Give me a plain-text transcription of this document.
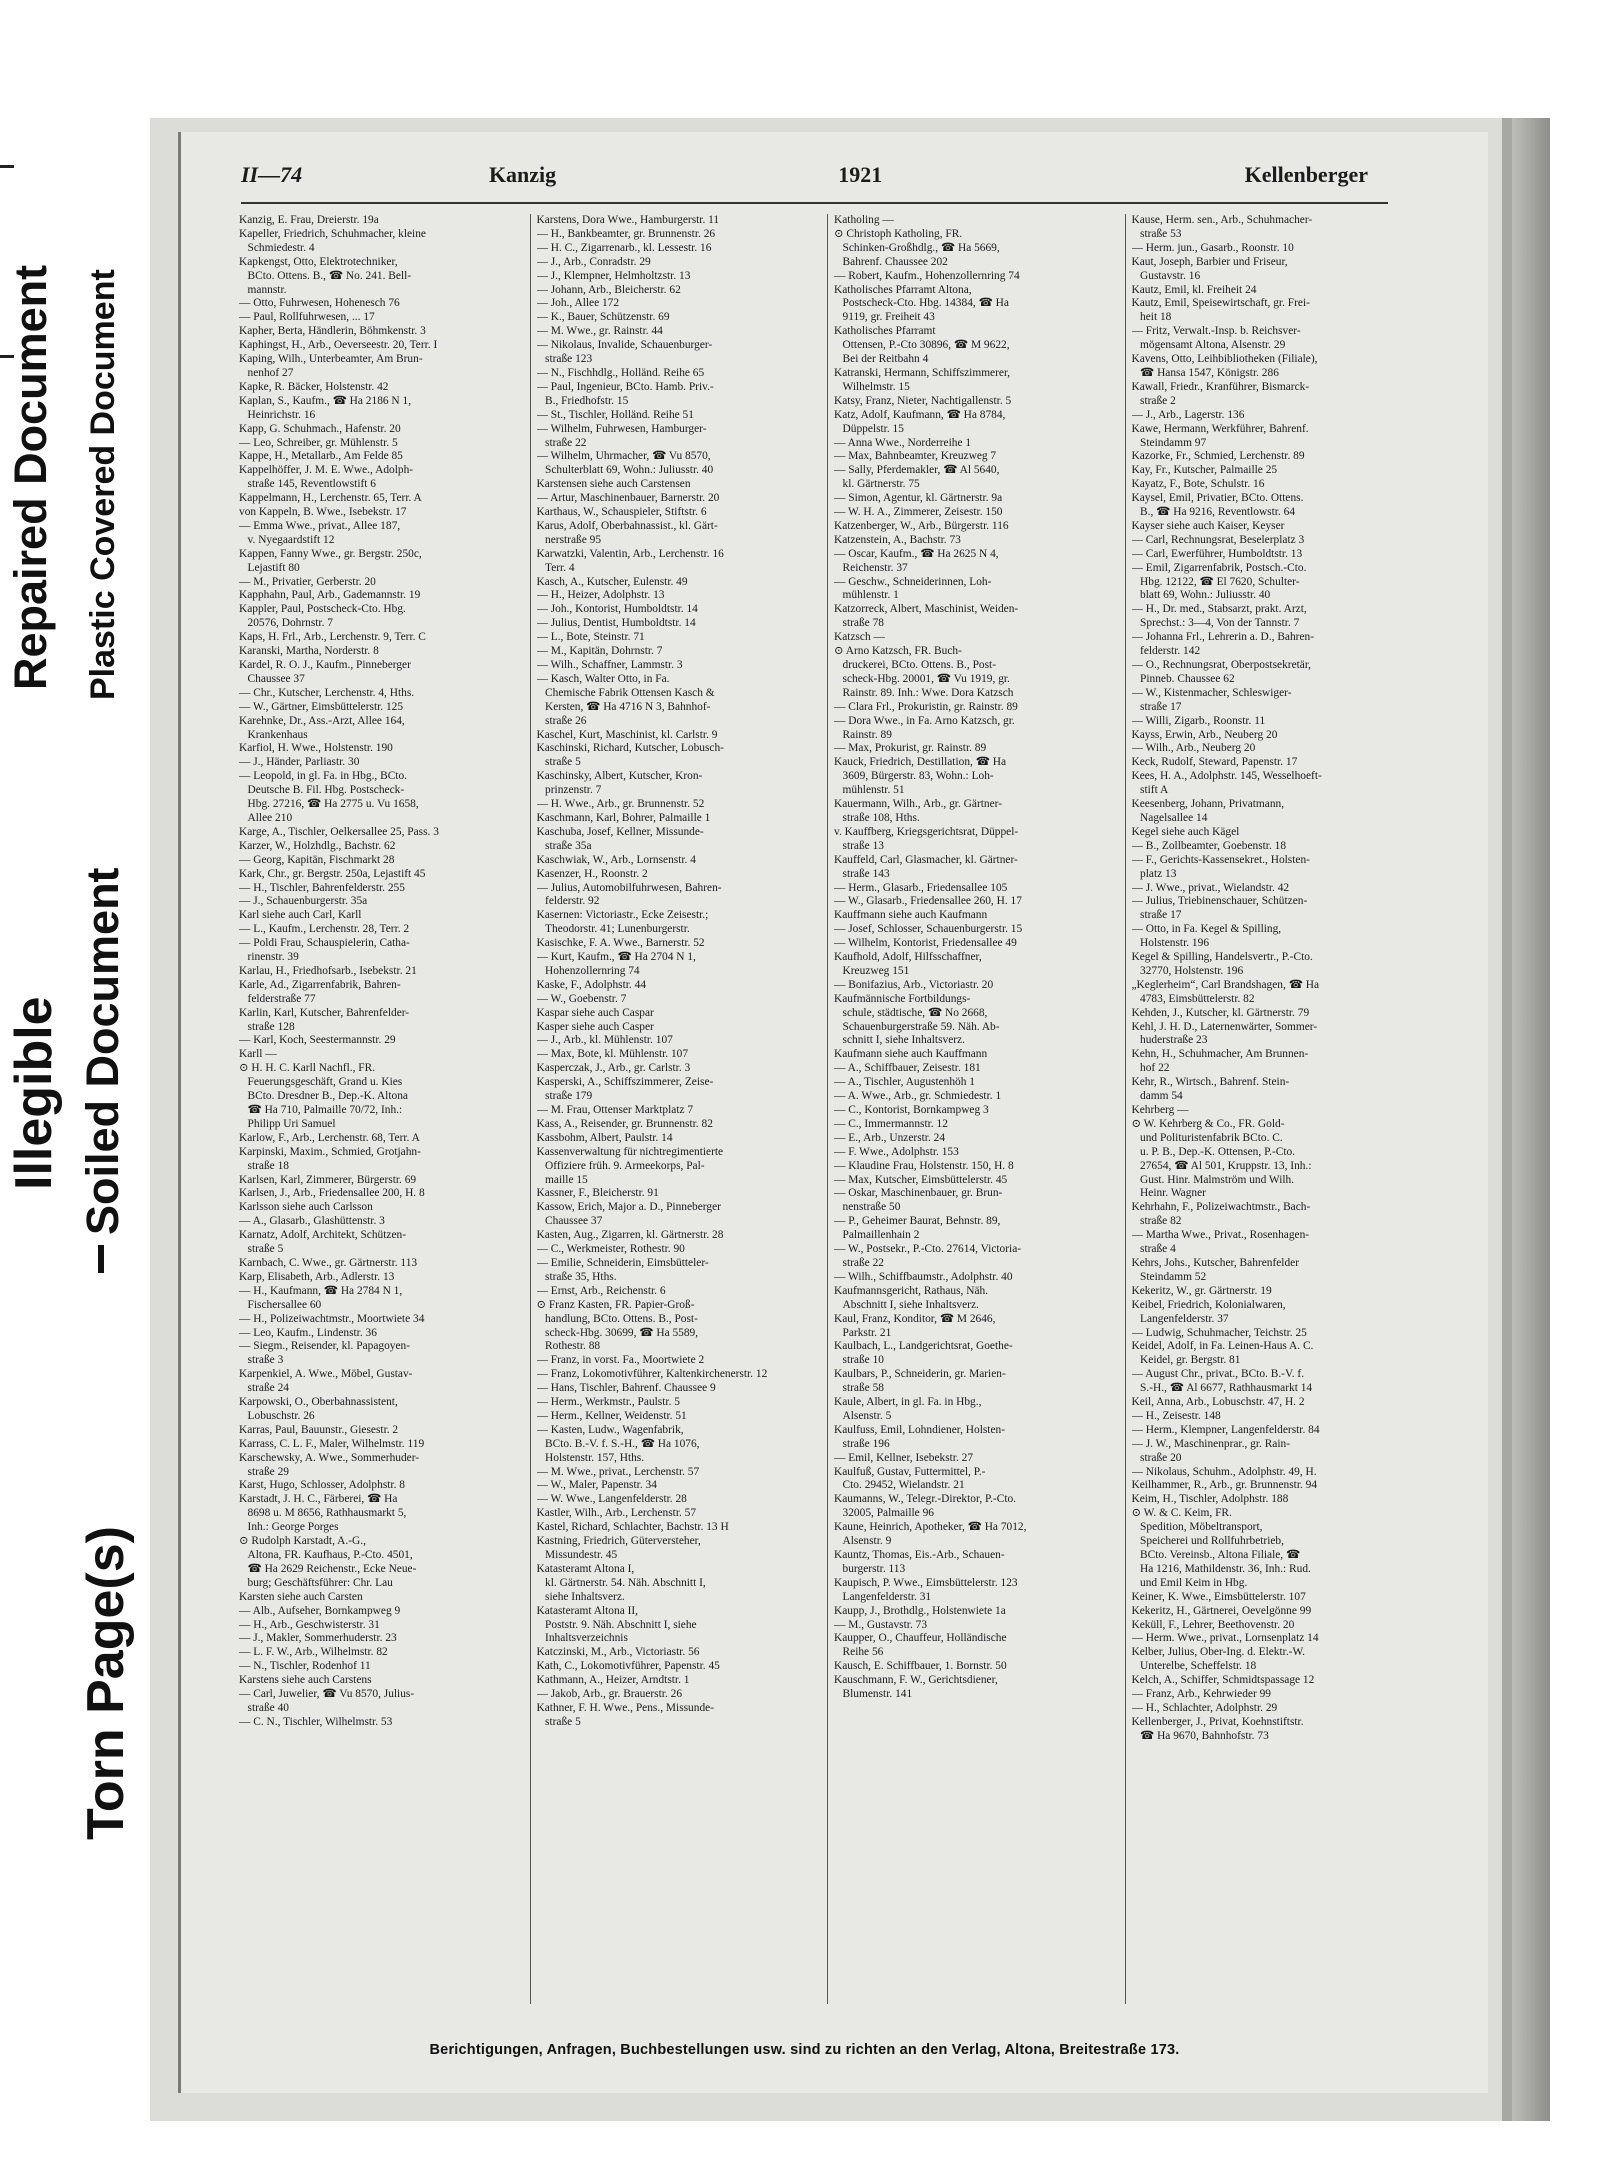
Repaired Document Plastic Covered Document
Illegible Soiled Document
Torn Page(s)
II—74	Kanzig	1921	Kellenberger
Kanzig, E. Frau, Dreierstr. 19a
Kapeller, Friedrich, Schuhmacher, kleine
Schmiedestr. 4
Kapkengst, Otto, Elektrotechniker,
BCto. Ottens. B., ☎ No. 241. Bell-
mannstr.
— Otto, Fuhrwesen, Hohenesch 76
— Paul, Rollfuhrwesen, ... 17
Kapher, Berta, Händlerin, Böhmkenstr. 3
Kaphingst, H., Arb., Oeverseestr. 20, Terr. I
Kaping, Wilh., Unterbeamter, Am Brun-
nenhof 27
Kapke, R. Bäcker, Holstenstr. 42
Kaplan, S., Kaufm., ☎ Ha 2186 N 1,
Heinrichstr. 16
Kapp, G. Schuhmach., Hafenstr. 20
— Leo, Schreiber, gr. Mühlenstr. 5
Kappe, H., Metallarb., Am Felde 85
Kappelhöffer, J. M. E. Wwe., Adolph-
straße 145, Reventlowstift 6
Kappelmann, H., Lerchenstr. 65, Terr. A
von Kappeln, B. Wwe., Isebekstr. 17
— Emma Wwe., privat., Allee 187,
v. Nyegaardstift 12
Kappen, Fanny Wwe., gr. Bergstr. 250c,
Lejastift 80
— M., Privatier, Gerberstr. 20
Kapphahn, Paul, Arb., Gademannstr. 19
Kappler, Paul, Postscheck-Cto. Hbg.
20576, Dohrnstr. 7
Kaps, H. Frl., Arb., Lerchenstr. 9, Terr. C
Karanski, Martha, Norderstr. 8
Kardel, R. O. J., Kaufm., Pinneberger
Chaussee 37
— Chr., Kutscher, Lerchenstr. 4, Hths.
— W., Gärtner, Eimsbüttelerstr. 125
Karehnke, Dr., Ass.-Arzt, Allee 164,
Krankenhaus
Karfiol, H. Wwe., Holstenstr. 190
— J., Händer, Parliastr. 30
— Leopold, in gl. Fa. in Hbg., BCto.
Deutsche B. Fil. Hbg. Postscheck-
Hbg. 27216, ☎ Ha 2775 u. Vu 1658,
Allee 210
Karge, A., Tischler, Oelkersallee 25, Pass. 3
Karzer, W., Holzhdlg., Bachstr. 62
— Georg, Kapitän, Fischmarkt 28
Kark, Chr., gr. Bergstr. 250a, Lejastift 45
— H., Tischler, Bahrenfelderstr. 255
— J., Schauenburgerstr. 35a
Karl siehe auch Carl, Karll
— L., Kaufm., Lerchenstr. 28, Terr. 2
— Poldi Frau, Schauspielerin, Catha-
rinenstr. 39
Karlau, H., Friedhofsarb., Isebekstr. 21
Karle, Ad., Zigarrenfabrik, Bahren-
felderstraße 77
Karlin, Karl, Kutscher, Bahrenfelder-
straße 128
— Karl, Koch, Seestermannstr. 29
Karll —
⊙ H. H. C. Karll Nachfl., FR.
Feuerungsgeschäft, Grand u. Kies
BCto. Dresdner B., Dep.-K. Altona
☎ Ha 710, Palmaille 70/72, Inh.:
Philipp Uri Samuel
Karlow, F., Arb., Lerchenstr. 68, Terr. A
Karpinski, Maxim., Schmied, Grotjahn-
straße 18
Karlsen, Karl, Zimmerer, Bürgerstr. 69
Karlsen, J., Arb., Friedensallee 200, H. 8
Karlsson siehe auch Carlsson
— A., Glasarb., Glashüttenstr. 3
Karnatz, Adolf, Architekt, Schützen-
straße 5
Karnbach, C. Wwe., gr. Gärtnerstr. 113
Karp, Elisabeth, Arb., Adlerstr. 13
— H., Kaufmann, ☎ Ha 2784 N 1,
Fischersallee 60
— H., Polizeiwachtmstr., Moortwiete 34
— Leo, Kaufm., Lindenstr. 36
— Siegm., Reisender, kl. Papagoyen-
straße 3
Karpenkiel, A. Wwe., Möbel, Gustav-
straße 24
Karpowski, O., Oberbahnassistent,
Lobuschstr. 26
Karras, Paul, Bauunstr., Giesestr. 2
Karrass, C. L. F., Maler, Wilhelmstr. 119
Karschewsky, A. Wwe., Sommerhuder-
straße 29
Karst, Hugo, Schlosser, Adolphstr. 8
Karstadt, J. H. C., Färberei, ☎ Ha
8698 u. M 8656, Rathhausmarkt 5,
Inh.: George Porges
⊙ Rudolph Karstadt, A.-G.,
Altona, FR. Kaufhaus, P.-Cto. 4501,
☎ Ha 2629 Reichenstr., Ecke Neue-
burg; Geschäftsführer: Chr. Lau
Karsten siehe auch Carsten
— Alb., Aufseher, Bornkampweg 9
— H., Arb., Geschwisterstr. 31
— J., Makler, Sommerhuderstr. 23
— L. F. W., Arb., Wilhelmstr. 82
— N., Tischler, Rodenhof 11
Karstens siehe auch Carstens
— Carl, Juwelier, ☎ Vu 8570, Julius-
straße 40
— C. N., Tischler, Wilhelmstr. 53
Karstens, Dora Wwe., Hamburgerstr. 11
— H., Bankbeamter, gr. Brunnenstr. 26
— H. C., Zigarrenarb., kl. Lessestr. 16
— J., Arb., Conradstr. 29
— J., Klempner, Helmholtzstr. 13
— Johann, Arb., Bleicherstr. 62
— Joh., Allee 172
— K., Bauer, Schützenstr. 69
— M. Wwe., gr. Rainstr. 44
— Nikolaus, Invalide, Schauenburger-
straße 123
— N., Fischhdlg., Holländ. Reihe 65
— Paul, Ingenieur, BCto. Hamb. Priv.-
B., Friedhofstr. 15
— St., Tischler, Holländ. Reihe 51
— Wilhelm, Fuhrwesen, Hamburger-
straße 22
— Wilhelm, Uhrmacher, ☎ Vu 8570,
Schulterblatt 69, Wohn.: Juliusstr. 40
Karstensen siehe auch Carstensen
— Artur, Maschinenbauer, Barnerstr. 20
Karthaus, W., Schauspieler, Stiftstr. 6
Karus, Adolf, Oberbahnassist., kl. Gärt-
nerstraße 95
Karwatzki, Valentin, Arb., Lerchenstr. 16
Terr. 4
Kasch, A., Kutscher, Eulenstr. 49
— H., Heizer, Adolphstr. 13
— Joh., Kontorist, Humboldtstr. 14
— Julius, Dentist, Humboldtstr. 14
— L., Bote, Steinstr. 71
— M., Kapitän, Dohrnstr. 7
— Wilh., Schaffner, Lammstr. 3
— Kasch, Walter Otto, in Fa.
Chemische Fabrik Ottensen Kasch &
Kersten, ☎ Ha 4716 N 3, Bahnhof-
straße 26
Kaschel, Kurt, Maschinist, kl. Carlstr. 9
Kaschinski, Richard, Kutscher, Lobusch-
straße 5
Kaschinsky, Albert, Kutscher, Kron-
prinzenstr. 7
— H. Wwe., Arb., gr. Brunnenstr. 52
Kaschmann, Karl, Bohrer, Palmaille 1
Kaschuba, Josef, Kellner, Missunde-
straße 35a
Kaschwiak, W., Arb., Lornsenstr. 4
Kasenzer, H., Roonstr. 2
— Julius, Automobilfuhrwesen, Bahren-
felderstr. 92
Kasernen: Victoriastr., Ecke Zeisestr.;
Theodorstr. 41; Lunenburgerstr.
Kasischke, F. A. Wwe., Barnerstr. 52
— Kurt, Kaufm., ☎ Ha 2704 N 1,
Hohenzollernring 74
Kaske, F., Adolphstr. 44
— W., Goebenstr. 7
Kaspar siehe auch Caspar
Kasper siehe auch Casper
— J., Arb., kl. Mühlenstr. 107
— Max, Bote, kl. Mühlenstr. 107
Kasperczak, J., Arb., gr. Carlstr. 3
Kasperski, A., Schiffszimmerer, Zeise-
straße 179
— M. Frau, Ottenser Marktplatz 7
Kass, A., Reisender, gr. Brunnenstr. 82
Kassbohm, Albert, Paulstr. 14
Kassenverwaltung für nichtregimentierte
Offiziere früh. 9. Armeekorps, Pal-
maille 15
Kassner, F., Bleicherstr. 91
Kassow, Erich, Major a. D., Pinneberger
Chaussee 37
Kasten, Aug., Zigarren, kl. Gärtnerstr. 28
— C., Werkmeister, Rothestr. 90
— Emilie, Schneiderin, Eimsbütteler-
straße 35, Hths.
— Ernst, Arb., Reichenstr. 6
⊙ Franz Kasten, FR. Papier-Groß-
handlung, BCto. Ottens. B., Post-
scheck-Hbg. 30699, ☎ Ha 5589,
Rothestr. 88
— Franz, in vorst. Fa., Moortwiete 2
— Franz, Lokomotivführer, Kaltenkirchenerstr. 12
— Hans, Tischler, Bahrenf. Chaussee 9
— Herm., Werkmstr., Paulstr. 5
— Herm., Kellner, Weidenstr. 51
— Kasten, Ludw., Wagenfabrik,
BCto. B.-V. f. S.-H., ☎ Ha 1076,
Holstenstr. 157, Hths.
— M. Wwe., privat., Lerchenstr. 57
— W., Maler, Papenstr. 34
— W. Wwe., Langenfelderstr. 28
Kastler, Wilh., Arb., Lerchenstr. 57
Kastel, Richard, Schlachter, Bachstr. 13 H
Kastning, Friedrich, Güterversteher,
Missundestr. 45
Katasteramt Altona I,
kl. Gärtnerstr. 54. Näh. Abschnitt I,
siehe Inhaltsverz.
Katasteramt Altona II,
Poststr. 9. Näh. Abschnitt I, siehe
Inhaltsverzeichnis
Katczinski, M., Arb., Victoriastr. 56
Kath, C., Lokomotivführer, Papenstr. 45
Kathmann, A., Heizer, Arndtstr. 1
— Jakob, Arb., gr. Brauerstr. 26
Kathner, F. H. Wwe., Pens., Missunde-
straße 5
Katholing —
⊙ Christoph Katholing, FR.
Schinken-Großhdlg., ☎ Ha 5669,
Bahrenf. Chaussee 202
— Robert, Kaufm., Hohenzollernring 74
Katholisches Pfarramt Altona,
Postscheck-Cto. Hbg. 14384, ☎ Ha
9119, gr. Freiheit 43
Katholisches Pfarramt
Ottensen, P.-Cto 30896, ☎ M 9622,
Bei der Reitbahn 4
Katranski, Hermann, Schiffszimmerer,
Wilhelmstr. 15
Katsy, Franz, Nieter, Nachtigallenstr. 5
Katz, Adolf, Kaufmann, ☎ Ha 8784,
Düppelstr. 15
— Anna Wwe., Norderreihe 1
— Max, Bahnbeamter, Kreuzweg 7
— Sally, Pferdemakler, ☎ Al 5640,
kl. Gärtnerstr. 75
— Simon, Agentur, kl. Gärtnerstr. 9a
— W. H. A., Zimmerer, Zeisestr. 150
Katzenberger, W., Arb., Bürgerstr. 116
Katzenstein, A., Bachstr. 73
— Oscar, Kaufm., ☎ Ha 2625 N 4,
Reichenstr. 37
— Geschw., Schneiderinnen, Loh-
mühlenstr. 1
Katzorreck, Albert, Maschinist, Weiden-
straße 78
Katzsch —
⊙ Arno Katzsch, FR. Buch-
druckerei, BCto. Ottens. B., Post-
scheck-Hbg. 20001, ☎ Vu 1919, gr.
Rainstr. 89. Inh.: Wwe. Dora Katzsch
— Clara Frl., Prokuristin, gr. Rainstr. 89
— Dora Wwe., in Fa. Arno Katzsch, gr.
Rainstr. 89
— Max, Prokurist, gr. Rainstr. 89
Kauck, Friedrich, Destillation, ☎ Ha
3609, Bürgerstr. 83, Wohn.: Loh-
mühlenstr. 51
Kauermann, Wilh., Arb., gr. Gärtner-
straße 108, Hths.
v. Kauffberg, Kriegsgerichtsrat, Düppel-
straße 13
Kauffeld, Carl, Glasmacher, kl. Gärtner-
straße 143
— Herm., Glasarb., Friedensallee 105
— W., Glasarb., Friedensallee 260, H. 17
Kauffmann siehe auch Kaufmann
— Josef, Schlosser, Schauenburgerstr. 15
— Wilhelm, Kontorist, Friedensallee 49
Kaufhold, Adolf, Hilfsschaffner,
Kreuzweg 151
— Bonifazius, Arb., Victoriastr. 20
Kaufmännische Fortbildungs-
schule, städtische, ☎ No 2668,
Schauenburgerstraße 59. Näh. Ab-
schnitt I, siehe Inhaltsverz.
Kaufmann siehe auch Kauffmann
— A., Schiffbauer, Zeisestr. 181
— A., Tischler, Augustenhöh 1
— A. Wwe., Arb., gr. Schmiedestr. 1
— C., Kontorist, Bornkampweg 3
— C., Immermannstr. 12
— E., Arb., Unzerstr. 24
— F. Wwe., Adolphstr. 153
— Klaudine Frau, Holstenstr. 150, H. 8
— Max, Kutscher, Eimsbüttelerstr. 45
— Oskar, Maschinenbauer, gr. Brun-
nenstraße 50
— P., Geheimer Baurat, Behnstr. 89,
Palmaillenhain 2
— W., Postsekr., P.-Cto. 27614, Victoria-
straße 22
— Wilh., Schiffbaumstr., Adolphstr. 40
Kaufmannsgericht, Rathaus, Näh.
Abschnitt I, siehe Inhaltsverz.
Kaul, Franz, Konditor, ☎ M 2646,
Parkstr. 21
Kaulbach, L., Landgerichtsrat, Goethe-
straße 10
Kaulbars, P., Schneiderin, gr. Marien-
straße 58
Kaule, Albert, in gl. Fa. in Hbg.,
Alsenstr. 5
Kaulfuss, Emil, Lohndiener, Holsten-
straße 196
— Emil, Kellner, Isebekstr. 27
Kaulfuß, Gustav, Futtermittel, P.-
Cto. 29452, Wielandstr. 21
Kaumanns, W., Telegr.-Direktor, P.-Cto.
32005, Palmaille 96
Kaune, Heinrich, Apotheker, ☎ Ha 7012,
Alsenstr. 9
Kauntz, Thomas, Eis.-Arb., Schauen-
burgerstr. 113
Kaupisch, P. Wwe., Eimsbüttelerstr. 123
Langenfelderstr. 31
Kaupp, J., Brothdlg., Holstenwiete 1a
— M., Gustavstr. 73
Kaupper, O., Chauffeur, Holländische
Reihe 56
Kausch, E. Schiffbauer, 1. Bornstr. 50
Kauschmann, F. W., Gerichtsdiener,
Blumenstr. 141
Kause, Herm. sen., Arb., Schuhmacher-
straße 53
— Herm. jun., Gasarb., Roonstr. 10
Kaut, Joseph, Barbier und Friseur,
Gustavstr. 16
Kautz, Emil, kl. Freiheit 24
Kautz, Emil, Speisewirtschaft, gr. Frei-
heit 18
— Fritz, Verwalt.-Insp. b. Reichsver-
mögensamt Altona, Alsenstr. 29
Kavens, Otto, Leihbibliotheken (Filiale),
☎ Hansa 1547, Königstr. 286
Kawall, Friedr., Kranführer, Bismarck-
straße 2
— J., Arb., Lagerstr. 136
Kawe, Hermann, Werkführer, Bahrenf.
Steindamm 97
Kazorke, Fr., Schmied, Lerchenstr. 89
Kay, Fr., Kutscher, Palmaille 25
Kayatz, F., Bote, Schulstr. 16
Kaysel, Emil, Privatier, BCto. Ottens.
B., ☎ Ha 9216, Reventlowstr. 64
Kayser siehe auch Kaiser, Keyser
— Carl, Rechnungsrat, Beselerplatz 3
— Carl, Ewerführer, Humboldtstr. 13
— Emil, Zigarrenfabrik, Postsch.-Cto.
Hbg. 12122, ☎ El 7620, Schulter-
blatt 69, Wohn.: Juliusstr. 40
— H., Dr. med., Stabsarzt, prakt. Arzt,
Sprechst.: 3—4, Von der Tannstr. 7
— Johanna Frl., Lehrerin a. D., Bahren-
felderstr. 142
— O., Rechnungsrat, Oberpostsekretär,
Pinneb. Chaussee 62
— W., Kistenmacher, Schleswiger-
straße 17
— Willi, Zigarb., Roonstr. 11
Kayss, Erwin, Arb., Neuberg 20
— Wilh., Arb., Neuberg 20
Keck, Rudolf, Steward, Papenstr. 17
Kees, H. A., Adolphstr. 145, Wesselhoeft-
stift A
Keesenberg, Johann, Privatmann,
Nagelsallee 14
Kegel siehe auch Kägel
— B., Zollbeamter, Goebenstr. 18
— F., Gerichts-Kassensekret., Holsten-
platz 13
— J. Wwe., privat., Wielandstr. 42
— Julius, Triebinenschauer, Schützen-
straße 17
— Otto, in Fa. Kegel & Spilling,
Holstenstr. 196
Kegel & Spilling, Handelsvertr., P.-Cto.
32770, Holstenstr. 196
„Keglerheim“, Carl Brandshagen, ☎ Ha
4783, Eimsbüttelerstr. 82
Kehden, J., Kutscher, kl. Gärtnerstr. 79
Kehl, J. H. D., Laternenwärter, Sommer-
huderstraße 23
Kehn, H., Schuhmacher, Am Brunnen-
hof 22
Kehr, R., Wirtsch., Bahrenf. Stein-
damm 54
Kehrberg —
⊙ W. Kehrberg & Co., FR. Gold-
und Polituristenfabrik BCto. C.
u. P. B., Dep.-K. Ottensen, P.-Cto.
27654, ☎ Al 501, Kruppstr. 13, Inh.:
Gust. Hinr. Malmström und Wilh.
Heinr. Wagner
Kehrhahn, F., Polizeiwachtmstr., Bach-
straße 82
— Martha Wwe., Privat., Rosenhagen-
straße 4
Kehrs, Johs., Kutscher, Bahrenfelder
Steindamm 52
Kekeritz, W., gr. Gärtnerstr. 19
Keibel, Friedrich, Kolonialwaren,
Langenfelderstr. 37
— Ludwig, Schuhmacher, Teichstr. 25
Keidel, Adolf, in Fa. Leinen-Haus A. C.
Keidel, gr. Bergstr. 81
— August Chr., privat., BCto. B.-V. f.
S.-H., ☎ Al 6677, Rathhausmarkt 14
Keil, Anna, Arb., Lobuschstr. 47, H. 2
— H., Zeisestr. 148
— Herm., Klempner, Langenfelderstr. 84
— J. W., Maschinenprar., gr. Rain-
straße 20
— Nikolaus, Schuhm., Adolphstr. 49, H.
Keilhammer, R., Arb., gr. Brunnenstr. 94
Keim, H., Tischler, Adolphstr. 188
⊙ W. & C. Keim, FR.
Spedition, Möbeltransport,
Speicherei und Rollfuhrbetrieb,
BCto. Vereinsb., Altona Filiale, ☎
Ha 1216, Mathildenstr. 36, Inh.: Rud.
und Emil Keim in Hbg.
Keiner, K. Wwe., Eimsbüttelerstr. 107
Kekeritz, H., Gärtnerei, Oevelgönne 99
Keküll, F., Lehrer, Beethovenstr. 20
— Herm. Wwe., privat., Lornsenplatz 14
Kelber, Julius, Ober-Ing. d. Elektr.-W.
Unterelbe, Scheffelstr. 18
Kelch, A., Schiffer, Schmidtspassage 12
— Franz, Arb., Kehrwieder 99
— H., Schlachter, Adolphstr. 29
Kellenberger, J., Privat, Koehnstiftstr.
☎ Ha 9670, Bahnhofstr. 73
Berichtigungen, Anfragen, Buchbestellungen usw. sind zu richten an den Verlag, Altona, Breitestraße 173.
